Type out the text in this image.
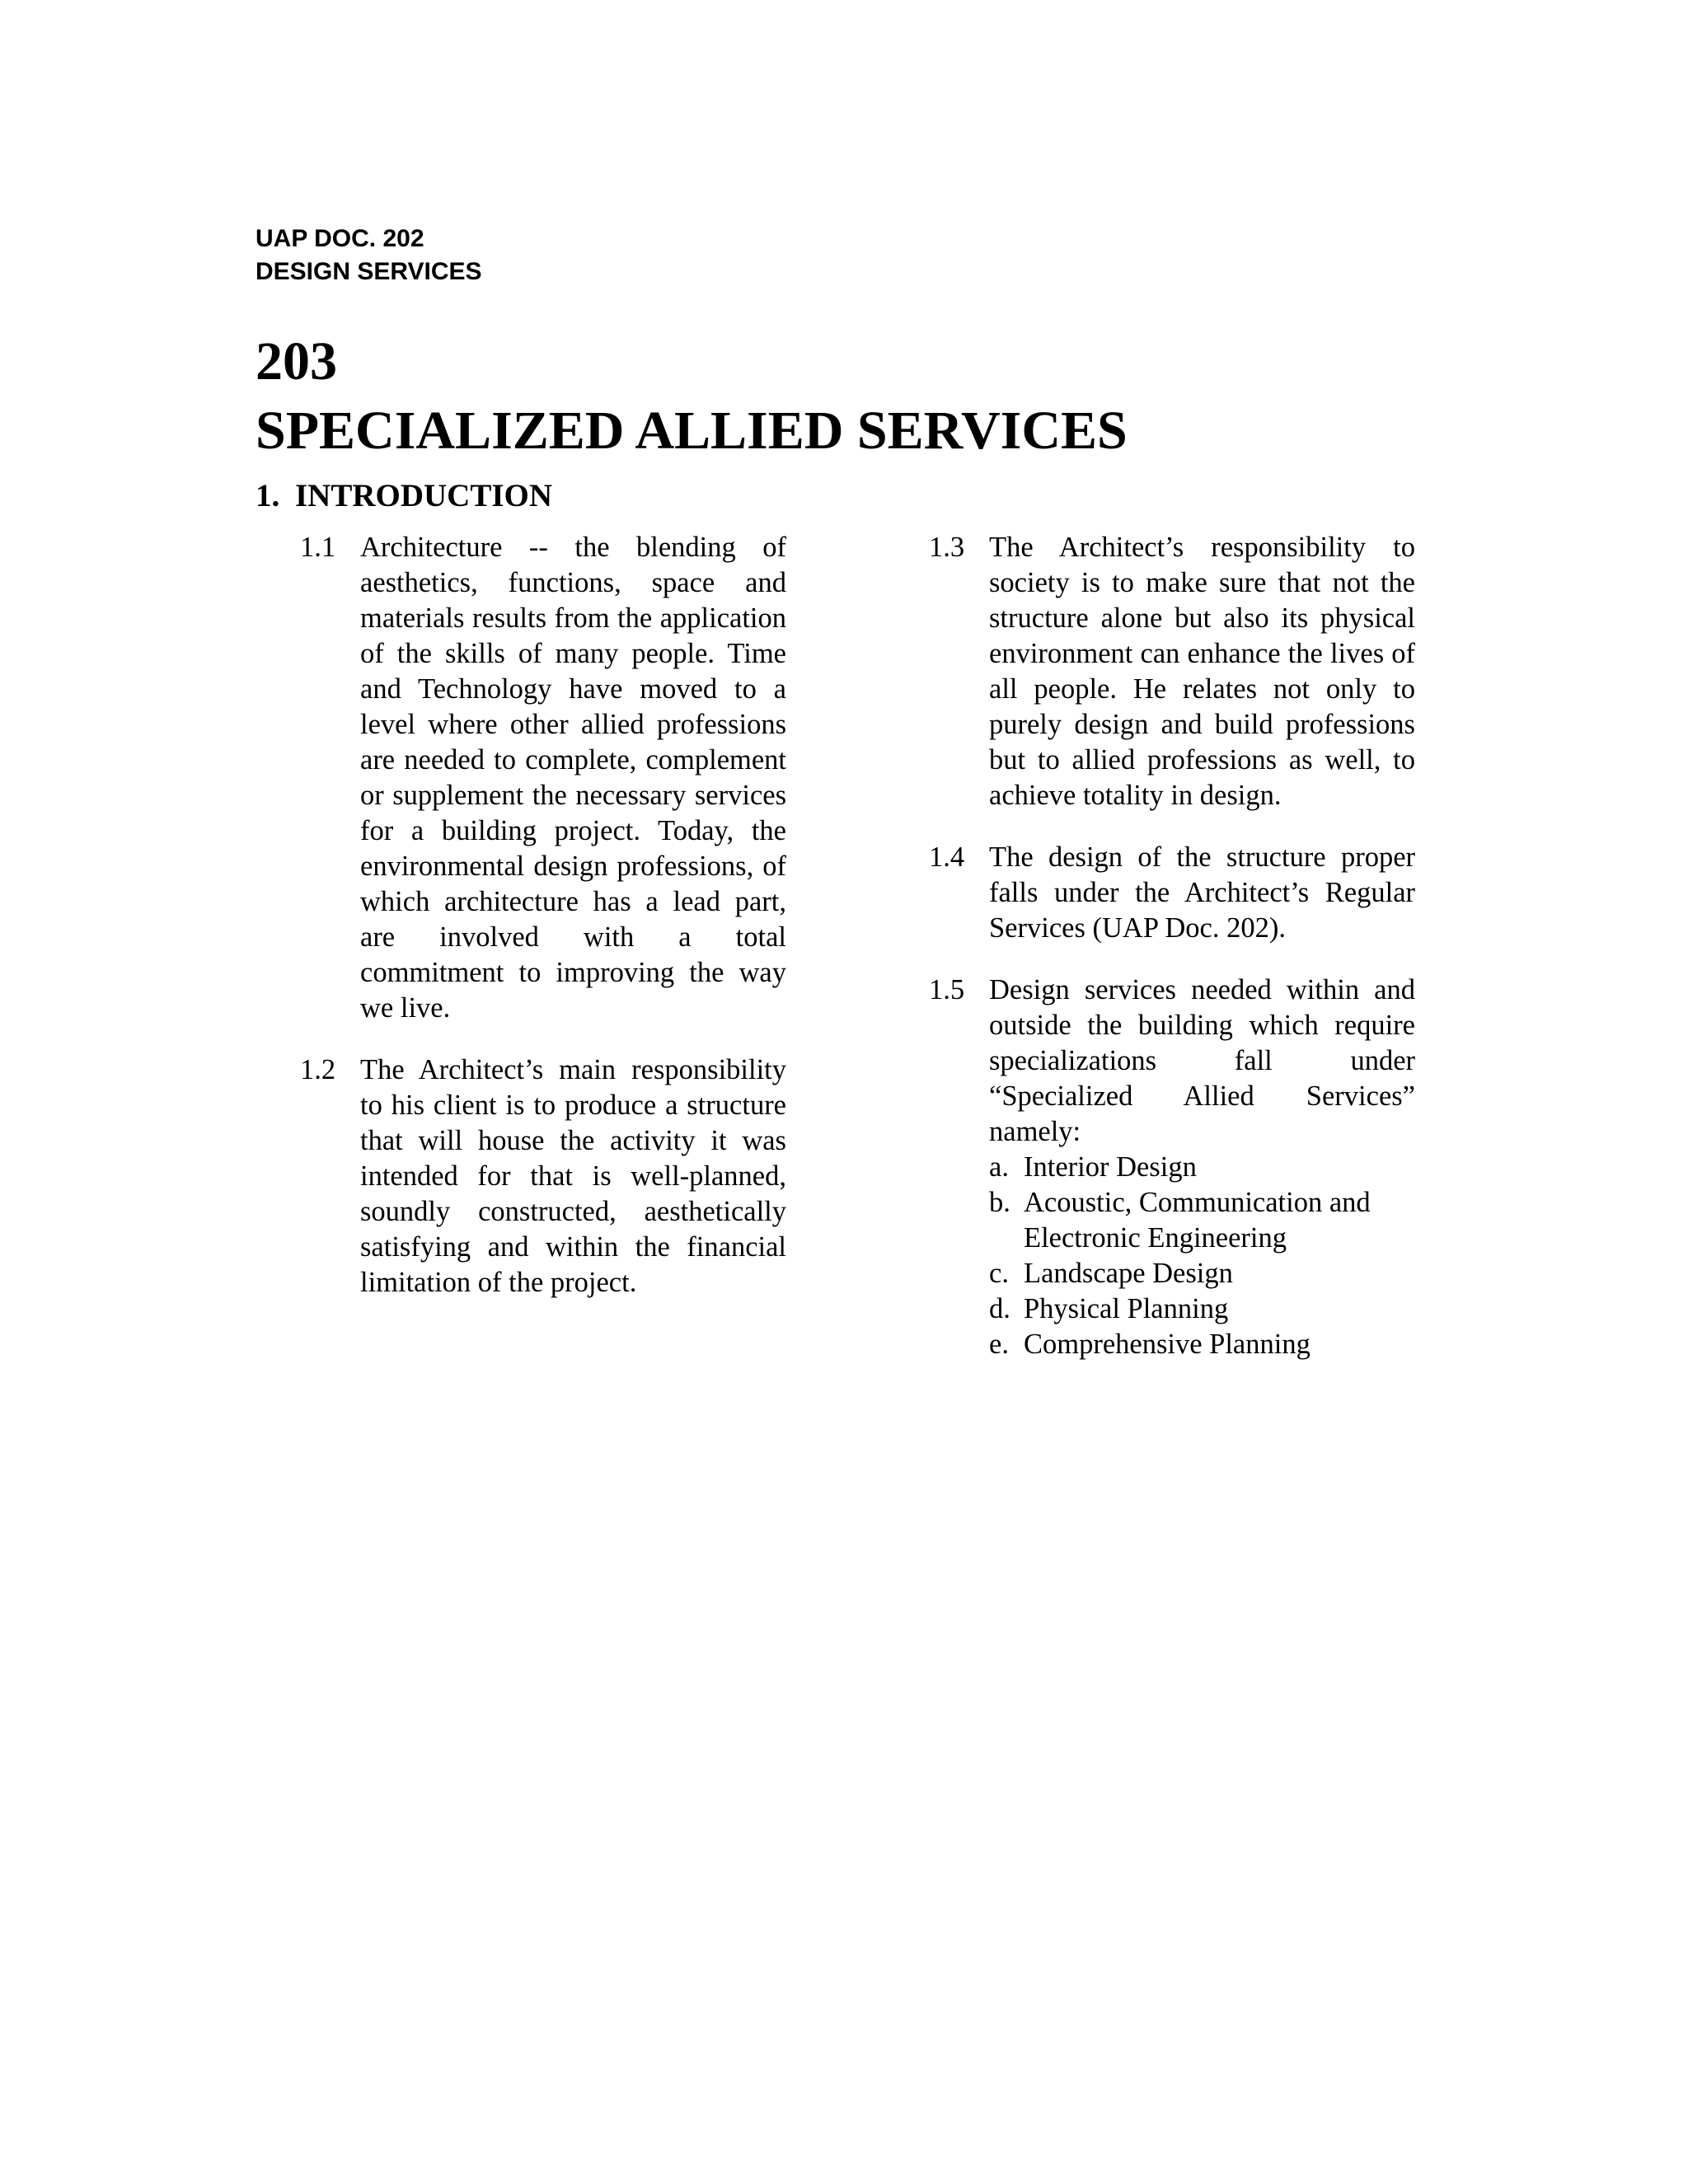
UAP DOC. 202
DESIGN SERVICES
203
SPECIALIZED ALLIED SERVICES
1. INTRODUCTION
1.1 Architecture -- the blending of aesthetics, functions, space and materials results from the application of the skills of many people. Time and Technology have moved to a level where other allied professions are needed to complete, complement or supplement the necessary services for a building project. Today, the environmental design professions, of which architecture has a lead part, are involved with a total commitment to improving the way we live.
1.2 The Architect’s main responsibility to his client is to produce a structure that will house the activity it was intended for that is well-planned, soundly constructed, aesthetically satisfying and within the financial limitation of the project.
1.3 The Architect’s responsibility to society is to make sure that not the structure alone but also its physical environment can enhance the lives of all people. He relates not only to purely design and build professions but to allied professions as well, to achieve totality in design.
1.4 The design of the structure proper falls under the Architect’s Regular Services (UAP Doc. 202).
1.5 Design services needed within and outside the building which require specializations fall under “Specialized Allied Services” namely:
a. Interior Design
b. Acoustic, Communication and Electronic Engineering
c. Landscape Design
d. Physical Planning
e. Comprehensive Planning
